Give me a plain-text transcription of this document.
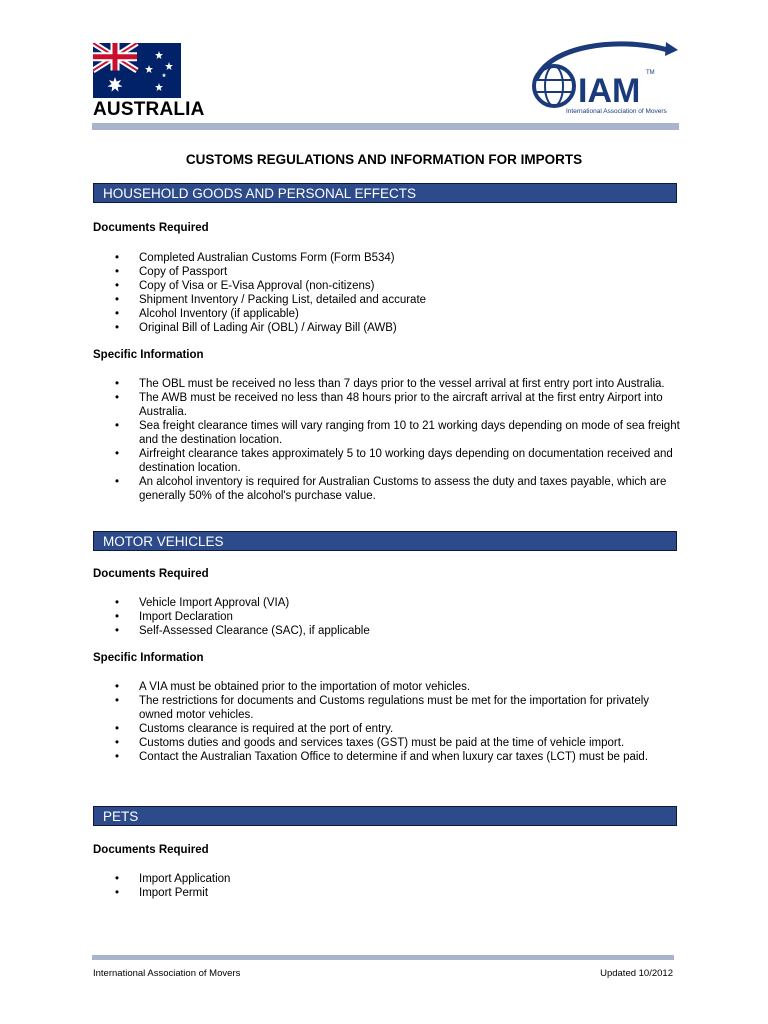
AUSTRALIA	IAM TM
International Association of Movers
CUSTOMS REGULATIONS AND INFORMATION FOR IMPORTS
HOUSEHOLD GOODS AND PERSONAL EFFECTS
Documents Required
• Completed Australian Customs Form (Form B534)
• Copy of Passport
• Copy of Visa or E-Visa Approval (non-citizens)
• Shipment Inventory / Packing List, detailed and accurate
• Alcohol Inventory (if applicable)
• Original Bill of Lading Air (OBL) / Airway Bill (AWB)
Specific Information
• The OBL must be received no less than 7 days prior to the vessel arrival at first entry port into Australia.
• The AWB must be received no less than 48 hours prior to the aircraft arrival at the first entry Airport into Australia.
• Sea freight clearance times will vary ranging from 10 to 21 working days depending on mode of sea freight and the destination location.
• Airfreight clearance takes approximately 5 to 10 working days depending on documentation received and destination location.
• An alcohol inventory is required for Australian Customs to assess the duty and taxes payable, which are generally 50% of the alcohol's purchase value.
MOTOR VEHICLES
Documents Required
• Vehicle Import Approval (VIA)
• Import Declaration
• Self-Assessed Clearance (SAC), if applicable
Specific Information
• A VIA must be obtained prior to the importation of motor vehicles.
• The restrictions for documents and Customs regulations must be met for the importation for privately owned motor vehicles.
• Customs clearance is required at the port of entry.
• Customs duties and goods and services taxes (GST) must be paid at the time of vehicle import.
• Contact the Australian Taxation Office to determine if and when luxury car taxes (LCT) must be paid.
PETS
Documents Required
• Import Application
• Import Permit
International Association of Movers	Updated 10/2012
